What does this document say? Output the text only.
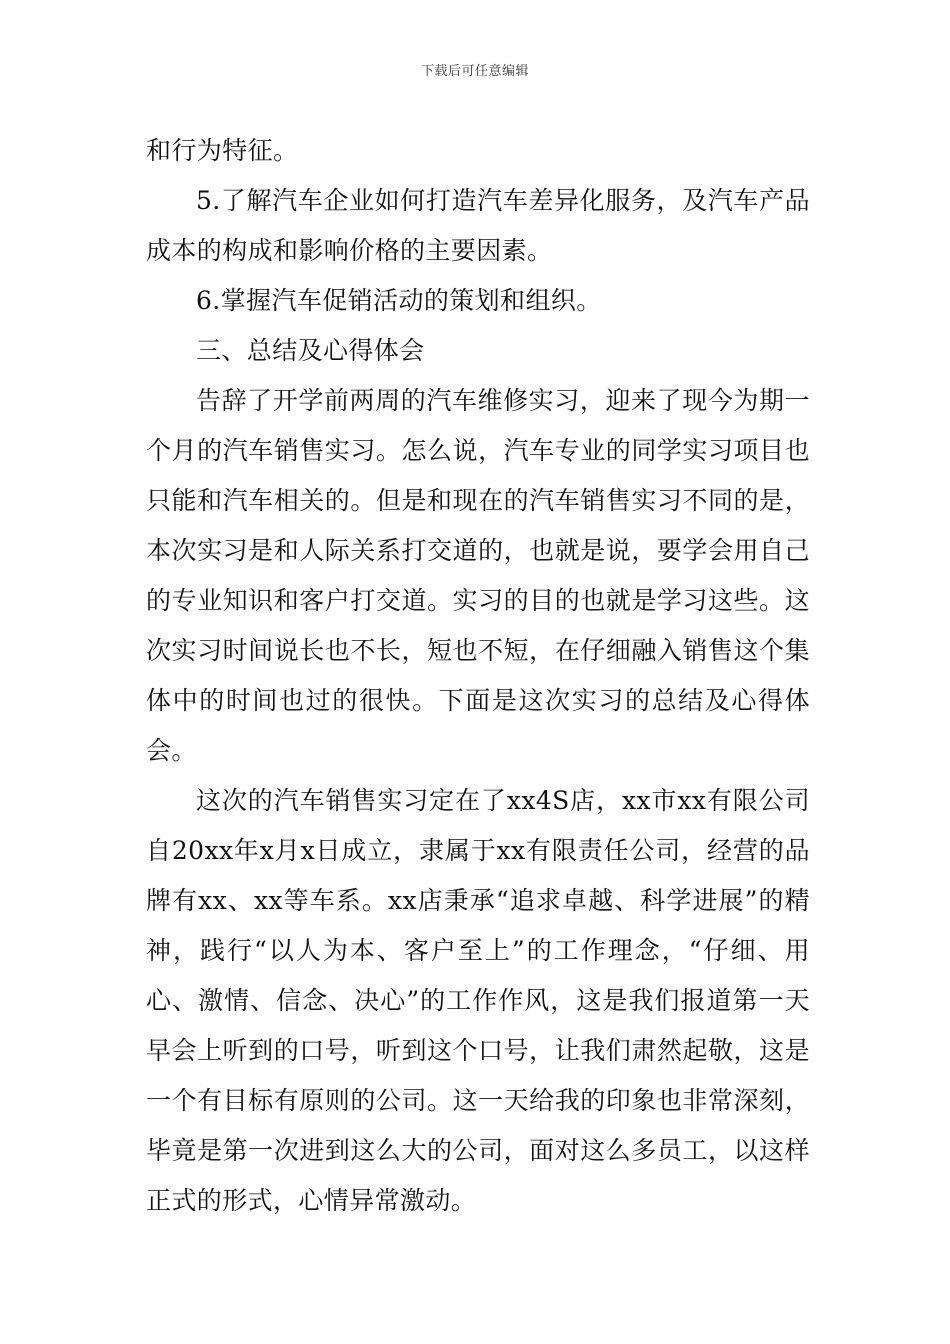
下载后可任意编辑

和行为特征。

5.了解汽车企业如何打造汽车差异化服务，及汽车产品成本的构成和影响价格的主要因素。

6.掌握汽车促销活动的策划和组织。

三、总结及心得体会

告辞了开学前两周的汽车维修实习，迎来了现今为期一个月的汽车销售实习。怎么说，汽车专业的同学实习项目也只能和汽车相关的。但是和现在的汽车销售实习不同的是，本次实习是和人际关系打交道的，也就是说，要学会用自己的专业知识和客户打交道。实习的目的也就是学习这些。这次实习时间说长也不长，短也不短，在仔细融入销售这个集体中的时间也过的很快。下面是这次实习的总结及心得体会。

这次的汽车销售实习定在了xx4S店，xx市xx有限公司自20xx年x月x日成立，隶属于xx有限责任公司，经营的品牌有xx、xx等车系。xx店秉承“追求卓越、科学进展”的精神，践行“以人为本、客户至上”的工作理念，“仔细、用心、激情、信念、决心”的工作作风，这是我们报道第一天早会上听到的口号，听到这个口号，让我们肃然起敬，这是一个有目标有原则的公司。这一天给我的印象也非常深刻，毕竟是第一次进到这么大的公司，面对这么多员工，以这样正式的形式，心情异常激动。
